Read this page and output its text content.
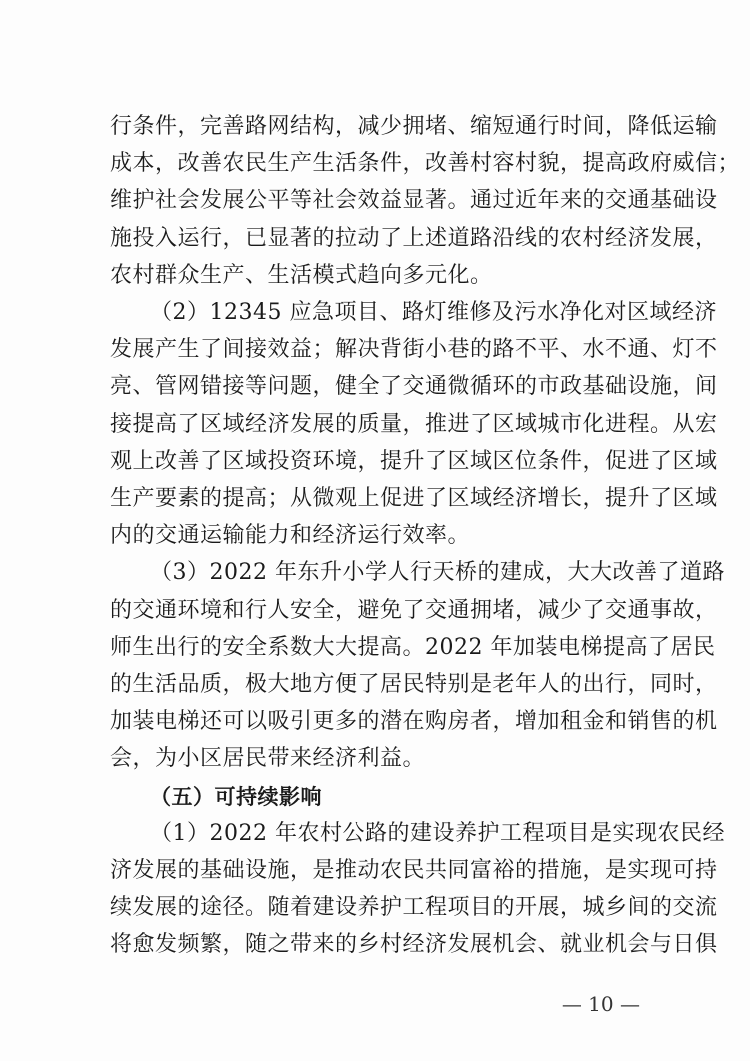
— 10 —
行条件，完善路网结构，减少拥堵、缩短通行时间，降低运输
成本，改善农民生产生活条件，改善村容村貌，提高政府威信；
维护社会发展公平等社会效益显著。通过近年来的交通基础设
施投入运行，已显著的拉动了上述道路沿线的农村经济发展，
农村群众生产、生活模式趋向多元化。
（2）12345 应急项目、路灯维修及污水净化对区域经济
发展产生了间接效益；解决背街小巷的路不平、水不通、灯不
亮、管网错接等问题，健全了交通微循环的市政基础设施，间
接提高了区域经济发展的质量，推进了区域城市化进程。从宏
观上改善了区域投资环境，提升了区域区位条件，促进了区域
生产要素的提高；从微观上促进了区域经济增长，提升了区域
内的交通运输能力和经济运行效率。
（3）2022 年东升小学人行天桥的建成，大大改善了道路
的交通环境和行人安全，避免了交通拥堵，减少了交通事故，
师生出行的安全系数大大提高。2022 年加装电梯提高了居民
的生活品质，极大地方便了居民特别是老年人的出行，同时，
加装电梯还可以吸引更多的潜在购房者，增加租金和销售的机
会，为小区居民带来经济利益。
（五）可持续影响
（1）2022 年农村公路的建设养护工程项目是实现农民经
济发展的基础设施，是推动农民共同富裕的措施，是实现可持
续发展的途径。随着建设养护工程项目的开展，城乡间的交流
将愈发频繁，随之带来的乡村经济发展机会、就业机会与日俱
